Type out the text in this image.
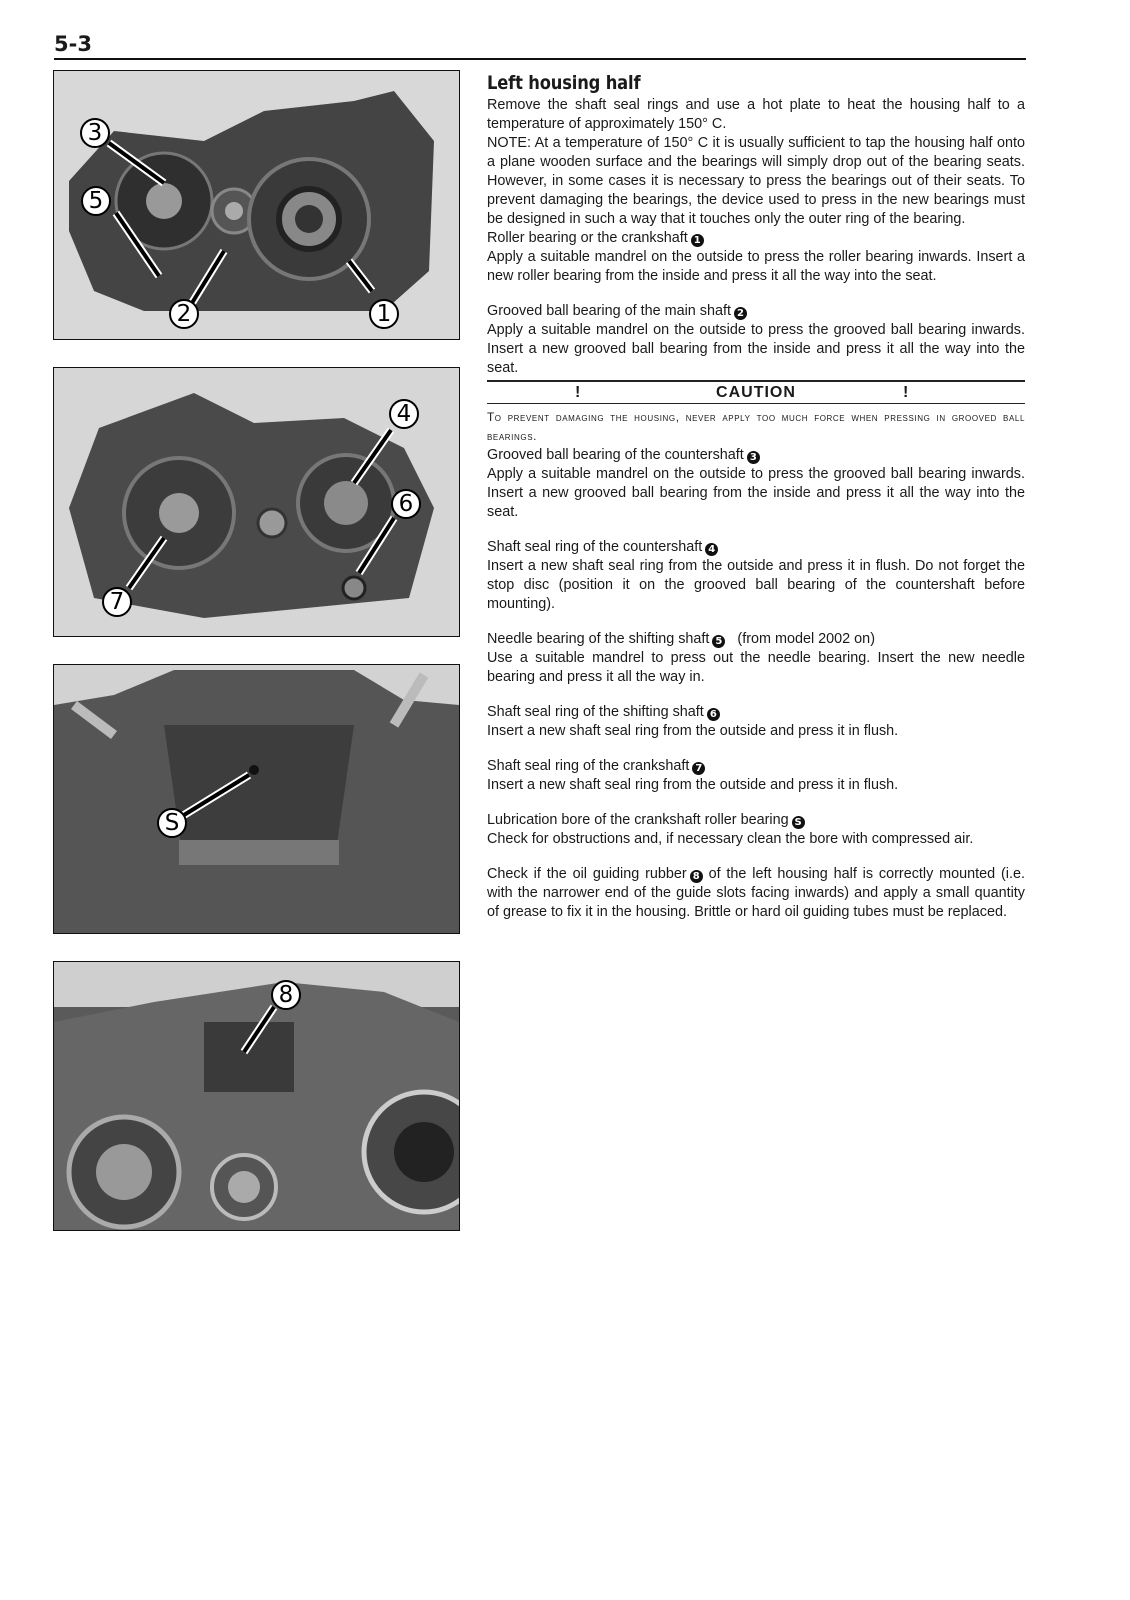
5-3
3
5
2	1
4
6
7
S
8
Left housing half

Remove the shaft seal rings and use a hot plate to heat the housing half to a temperature of approximately 150° C.

NOTE: At a temperature of 150° C it is usually sufficient to tap the housing half onto a plane wooden surface and the bearings will simply drop out of the bearing seats. However, in some cases it is necessary to press the bearings out of their seats. To prevent damaging the bearings, the device used to press in the new bearings must be designed in such a way that it touches only the outer ring of the bearing.

Roller bearing or the crankshaft 1

Apply a suitable mandrel on the outside to press the roller bearing inwards. Insert a new roller bearing from the inside and press it all the way into the seat.

Grooved ball bearing of the main shaft 2

Apply a suitable mandrel on the outside to press the grooved ball bearing inwards. Insert a new grooved ball bearing from the inside and press it all the way into the seat.

!	CAUTION	!

To prevent damaging the housing, never apply too much force when pressing in grooved ball bearings.

Grooved ball bearing of the countershaft 3

Apply a suitable mandrel on the outside to press the grooved ball bearing inwards. Insert a new grooved ball bearing from the inside and press it all the way into the seat.

Shaft seal ring of the countershaft 4

Insert a new shaft seal ring from the outside and press it in flush. Do not forget the stop disc (position it on the grooved ball bearing of the countershaft before mounting).

Needle bearing of the shifting shaft 5 (from model 2002 on)

Use a suitable mandrel to press out the needle bearing. Insert the new needle bearing and press it all the way in.

Shaft seal ring of the shifting shaft 6

Insert a new shaft seal ring from the outside and press it in flush.

Shaft seal ring of the crankshaft 7

Insert a new shaft seal ring from the outside and press it in flush.

Lubrication bore of the crankshaft roller bearing S

Check for obstructions and, if necessary clean the bore with compressed air.

Check if the oil guiding rubber 8 of the left housing half is correctly mounted (i.e. with the narrower end of the guide slots facing inwards) and apply a small quantity of grease to fix it in the housing. Brittle or hard oil guiding tubes must be replaced.
